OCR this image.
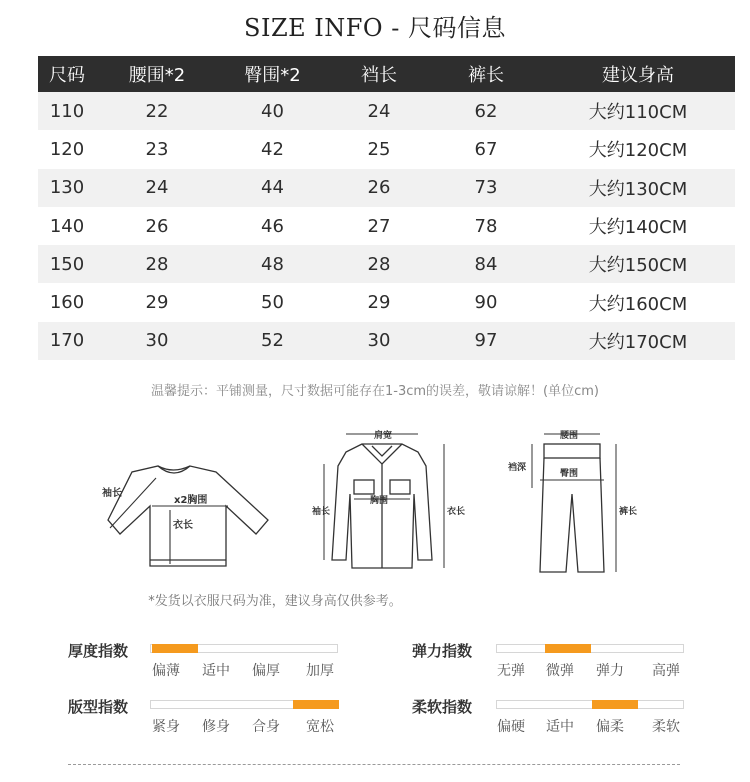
SIZE INFO - 尺码信息
尺码	腰围*2	臀围*2	裆长	裤长	建议身高
110	22	40	24	62	大约110CM
120	23	42	25	67	大约120CM
130	24	44	26	73	大约130CM
140	26	46	27	78	大约140CM
150	28	48	28	84	大约150CM
160	29	50	29	90	大约160CM
170	30	52	30	97	大约170CM
温馨提示：平铺测量，尺寸数据可能存在1-3cm的误差，敬请谅解！(单位cm)
袖长
x2胸围
衣长
肩宽
胸围
袖长	衣长
腰围
裆深
臀围
裤长
*发货以衣服尺码为准，建议身高仅供参考。
厚度指数
偏薄 适中 偏厚 加厚
弹力指数
无弹 微弹 弹力 高弹
版型指数
紧身 修身 合身 宽松
柔软指数
偏硬 适中 偏柔 柔软
